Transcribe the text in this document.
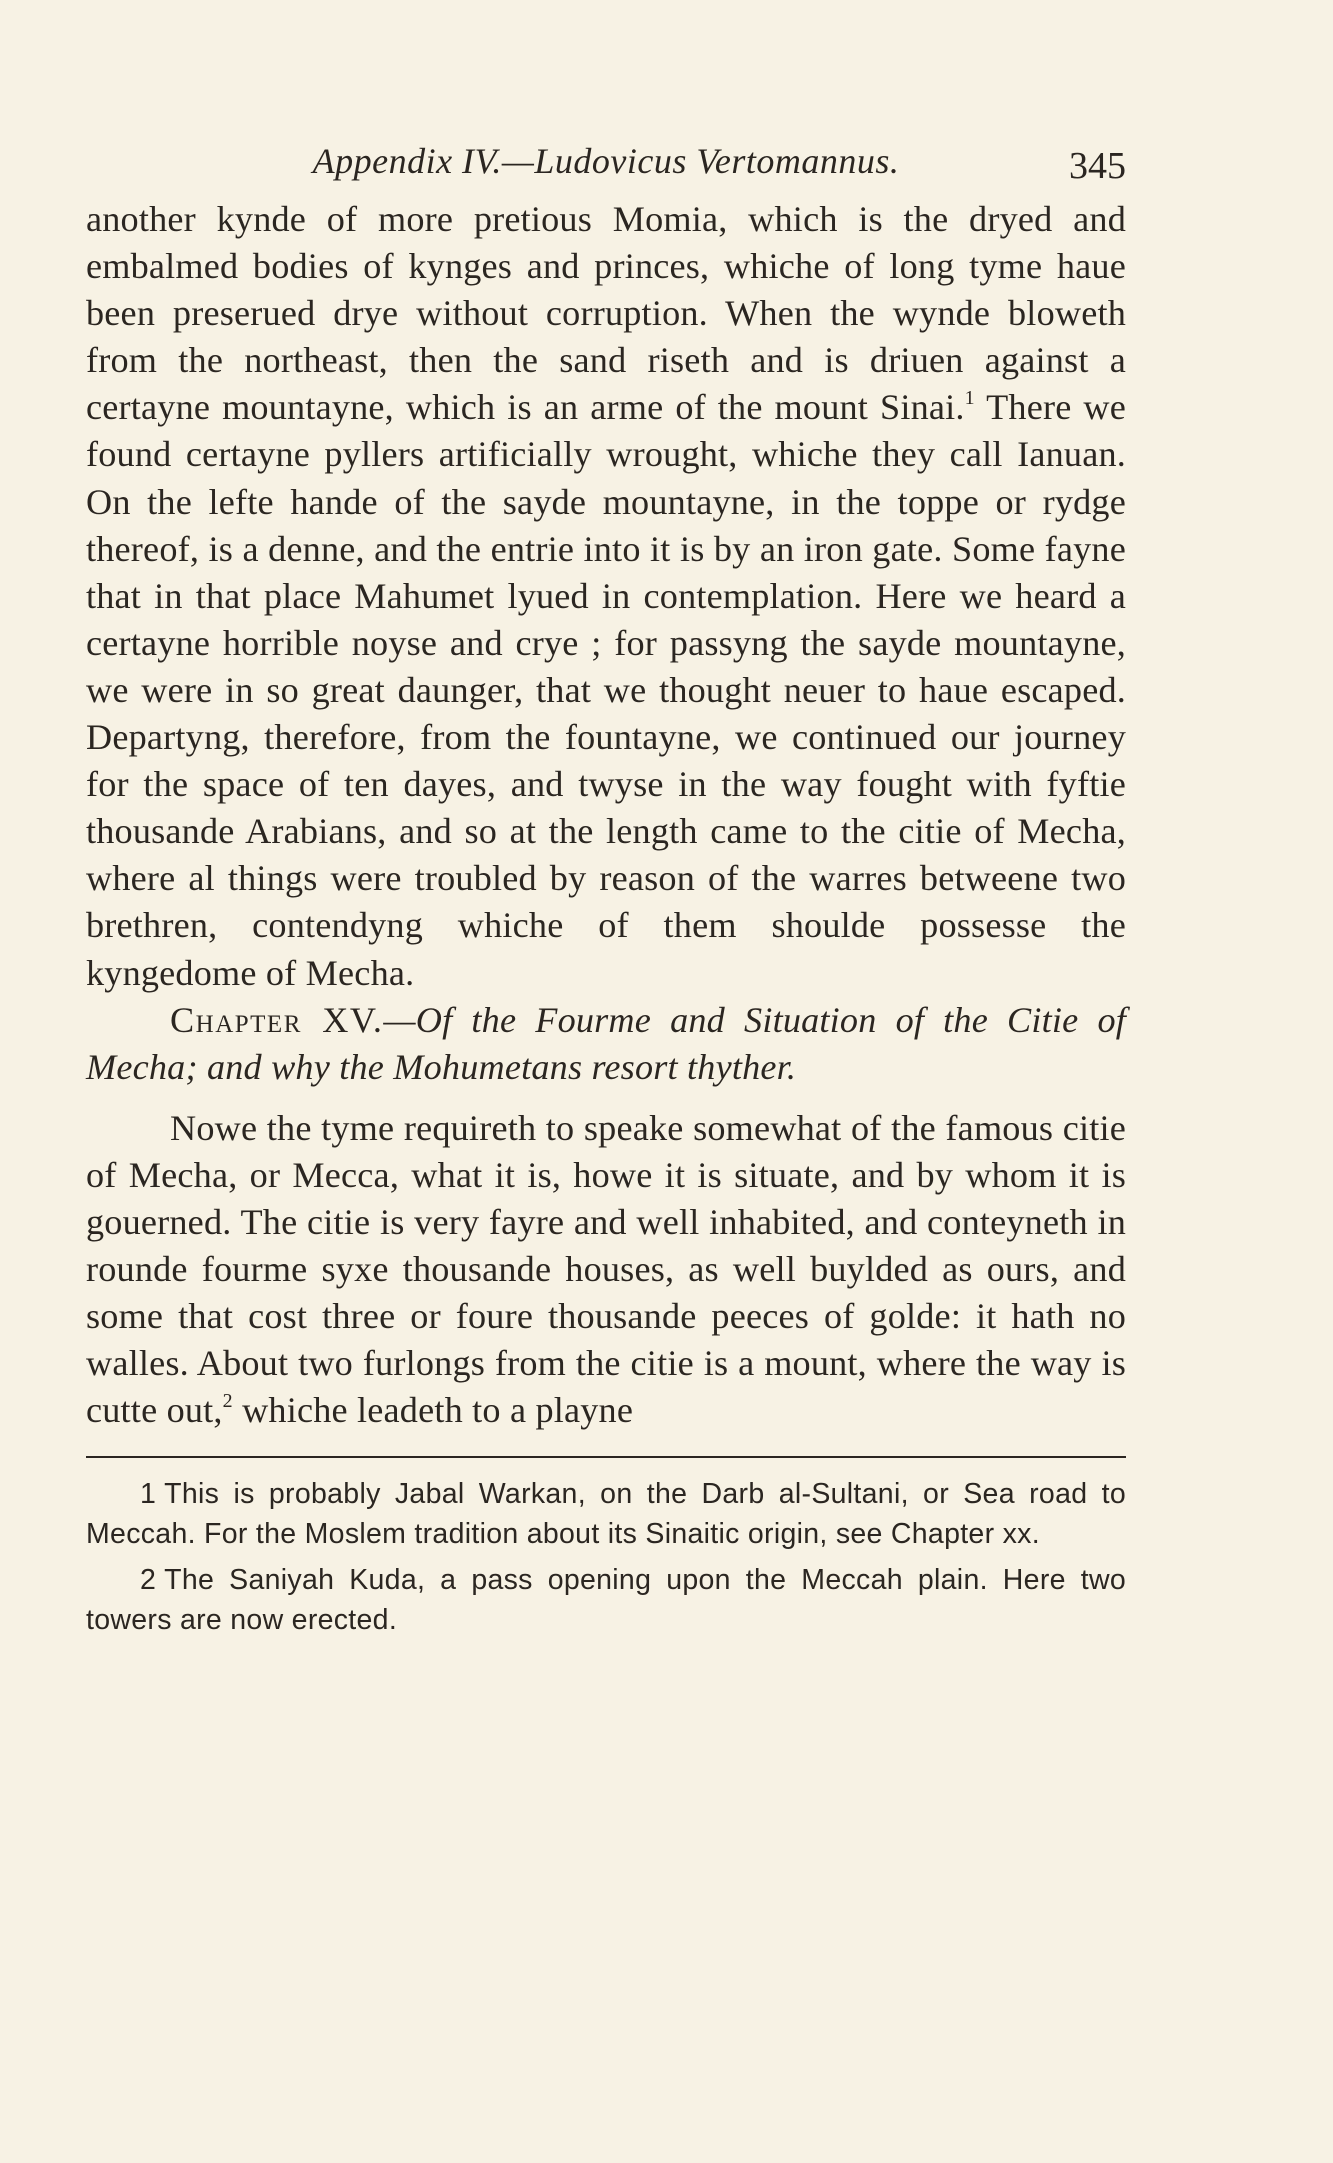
Appendix IV.—Ludovicus Vertomannus.	345

another kynde of more pretious Momia, which is the dryed and embalmed bodies of kynges and princes, whiche of long tyme haue been preserued drye without corruption. When the wynde bloweth from the northeast, then the sand riseth and is driuen against a certayne mountayne, which is an arme of the mount Sinai.$^1$ There we found certayne pyllers artificially wrought, whiche they call Ianuan. On the lefte hande of the sayde mountayne, in the toppe or rydge thereof, is a denne, and the entrie into it is by an iron gate. Some fayne that in that place Mahumet lyued in contemplation. Here we heard a certayne horrible noyse and crye ; for passyng the sayde mountayne, we were in so great daunger, that we thought neuer to haue escaped. Departyng, therefore, from the fountayne, we continued our journey for the space of ten dayes, and twyse in the way fought with fyftie thousande Arabians, and so at the length came to the citie of Mecha, where al things were troubled by reason of the warres betweene two brethren, contendyng whiche of them shoulde possesse the kyngedome of Mecha.

Chapter XV.—Of the Fourme and Situation of the Citie of Mecha; and why the Mohumetans resort thyther.

Nowe the tyme requireth to speake somewhat of the famous citie of Mecha, or Mecca, what it is, howe it is situate, and by whom it is gouerned. The citie is very fayre and well inhabited, and conteyneth in rounde fourme syxe thousande houses, as well buylded as ours, and some that cost three or foure thousande peeces of golde: it hath no walles. About two furlongs from the citie is a mount, where the way is cutte out,$^2$ whiche leadeth to a playne

1 This is probably Jabal Warkan, on the Darb al-Sultani, or Sea road to Meccah. For the Moslem tradition about its Sinaitic origin, see Chapter xx.

2 The Saniyah Kuda, a pass opening upon the Meccah plain. Here two towers are now erected.
